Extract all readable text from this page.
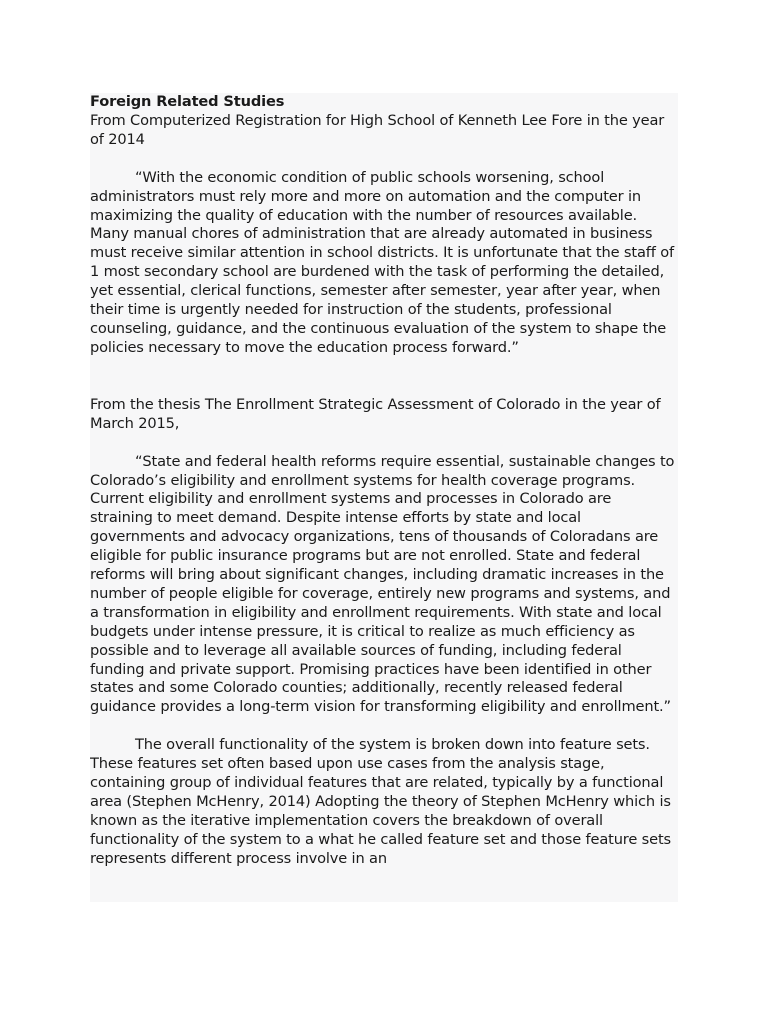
Foreign Related Studies

From Computerized Registration for High School of Kenneth Lee Fore in the year of 2014

“With the economic condition of public schools worsening, school administrators must rely more and more on automation and the computer in maximizing the quality of education with the number of resources available. Many manual chores of administration that are already automated in business must receive similar attention in school districts. It is unfortunate that the staff of 1 most secondary school are burdened with the task of performing the detailed, yet essential, clerical functions, semester after semester, year after year, when their time is urgently needed for instruction of the students, professional counseling, guidance, and the continuous evaluation of the system to shape the policies necessary to move the education process forward.”

From the thesis The Enrollment Strategic Assessment of Colorado in the year of March 2015,

“State and federal health reforms require essential, sustainable changes to Colorado’s eligibility and enrollment systems for health coverage programs. Current eligibility and enrollment systems and processes in Colorado are straining to meet demand. Despite intense efforts by state and local governments and advocacy organizations, tens of thousands of Coloradans are eligible for public insurance programs but are not enrolled. State and federal reforms will bring about significant changes, including dramatic increases in the number of people eligible for coverage, entirely new programs and systems, and a transformation in eligibility and enrollment requirements. With state and local budgets under intense pressure, it is critical to realize as much efficiency as possible and to leverage all available sources of funding, including federal funding and private support. Promising practices have been identified in other states and some Colorado counties; additionally, recently released federal guidance provides a long-term vision for transforming eligibility and enrollment.”

The overall functionality of the system is broken down into feature sets. These features set often based upon use cases from the analysis stage, containing group of individual features that are related, typically by a functional area (Stephen McHenry, 2014) Adopting the theory of Stephen McHenry which is known as the iterative implementation covers the breakdown of overall functionality of the system to a what he called feature set and those feature sets represents different process involve in an
